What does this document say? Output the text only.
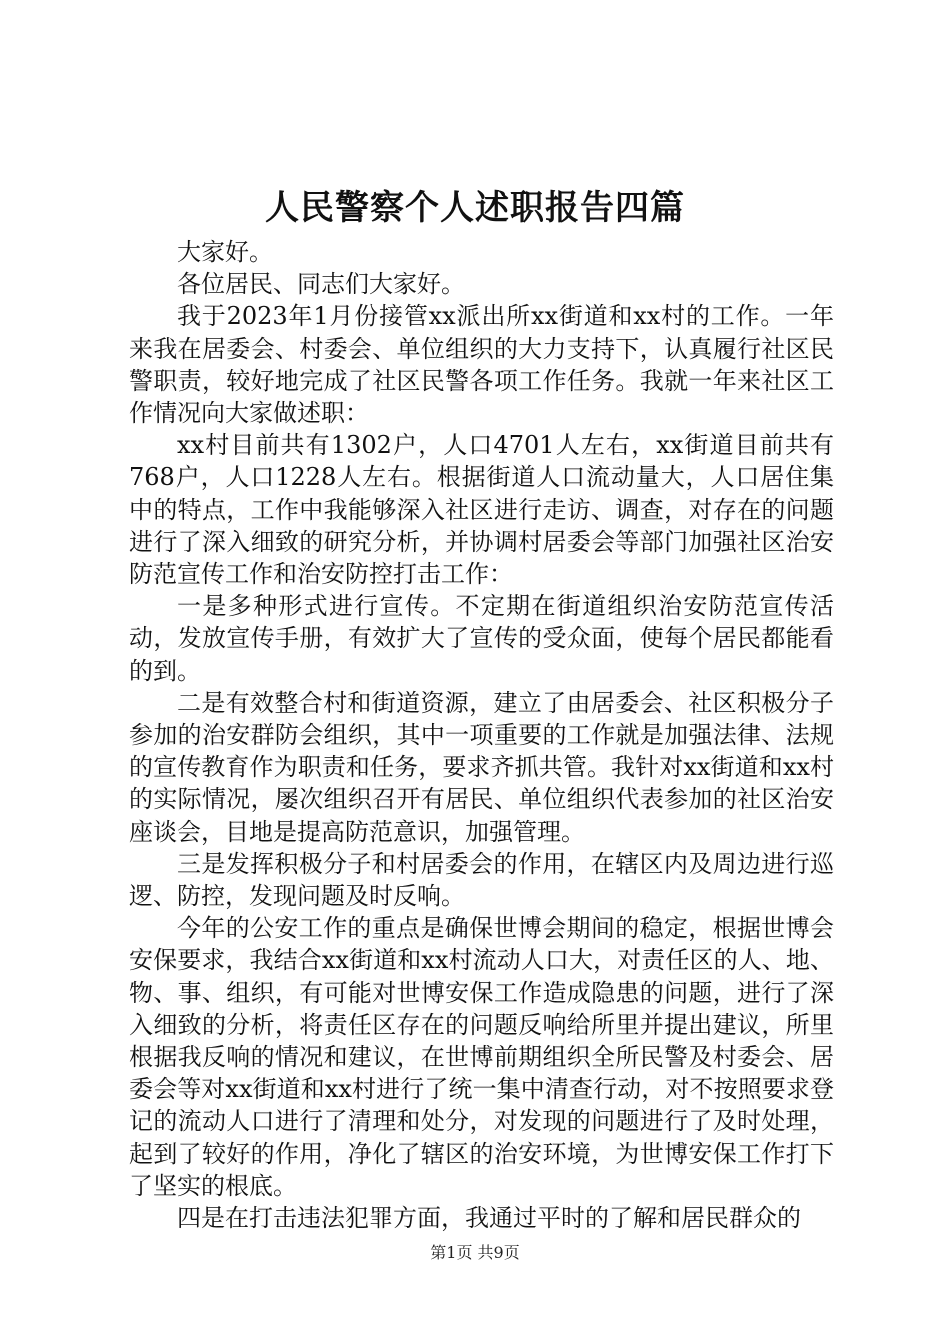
人民警察个人述职报告四篇

大家好。

各位居民、同志们大家好。

我于2023年1月份接管xx派出所xx街道和xx村的工作。一年来我在居委会、村委会、单位组织的大力支持下，认真履行社区民警职责，较好地完成了社区民警各项工作任务。我就一年来社区工作情况向大家做述职：

xx村目前共有1302户，人口4701人左右，xx街道目前共有768户，人口1228人左右。根据街道人口流动量大，人口居住集中的特点，工作中我能够深入社区进行走访、调查，对存在的问题进行了深入细致的研究分析，并协调村居委会等部门加强社区治安防范宣传工作和治安防控打击工作：

一是多种形式进行宣传。不定期在街道组织治安防范宣传活动，发放宣传手册，有效扩大了宣传的受众面，使每个居民都能看的到。

二是有效整合村和街道资源，建立了由居委会、社区积极分子参加的治安群防会组织，其中一项重要的工作就是加强法律、法规的宣传教育作为职责和任务，要求齐抓共管。我针对xx街道和xx村的实际情况，屡次组织召开有居民、单位组织代表参加的社区治安座谈会，目地是提高防范意识，加强管理。

三是发挥积极分子和村居委会的作用，在辖区内及周边进行巡逻、防控，发现问题及时反响。

今年的公安工作的重点是确保世博会期间的稳定，根据世博会安保要求，我结合xx街道和xx村流动人口大，对责任区的人、地、物、事、组织，有可能对世博安保工作造成隐患的问题，进行了深入细致的分析，将责任区存在的问题反响给所里并提出建议，所里根据我反响的情况和建议，在世博前期组织全所民警及村委会、居委会等对xx街道和xx村进行了统一集中清查行动，对不按照要求登记的流动人口进行了清理和处分，对发现的问题进行了及时处理，起到了较好的作用，净化了辖区的治安环境，为世博安保工作打下了坚实的根底。

四是在打击违法犯罪方面，我通过平时的了解和居民群众的

第1页 共9页
